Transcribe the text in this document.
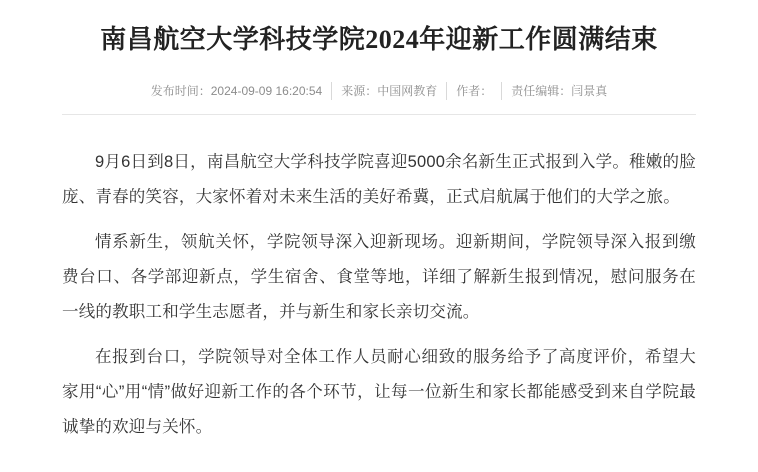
南昌航空大学科技学院2024年迎新工作圆满结束
发布时间：2024-09-09 16:20:54 来源：中国网教育 作者： 责任编辑：闫景真

9月6日到8日，南昌航空大学科技学院喜迎5000余名新生正式报到入学。稚嫩的脸庞、青春的笑容，大家怀着对未来生活的美好希冀，正式启航属于他们的大学之旅。

情系新生，领航关怀，学院领导深入迎新现场。迎新期间，学院领导深入报到缴费台口、各学部迎新点，学生宿舍、食堂等地，详细了解新生报到情况，慰问服务在一线的教职工和学生志愿者，并与新生和家长亲切交流。

在报到台口，学院领导对全体工作人员耐心细致的服务给予了高度评价，希望大家用“心”用“情”做好迎新工作的各个环节，让每一位新生和家长都能感受到来自学院最诚挚的欢迎与关怀。
